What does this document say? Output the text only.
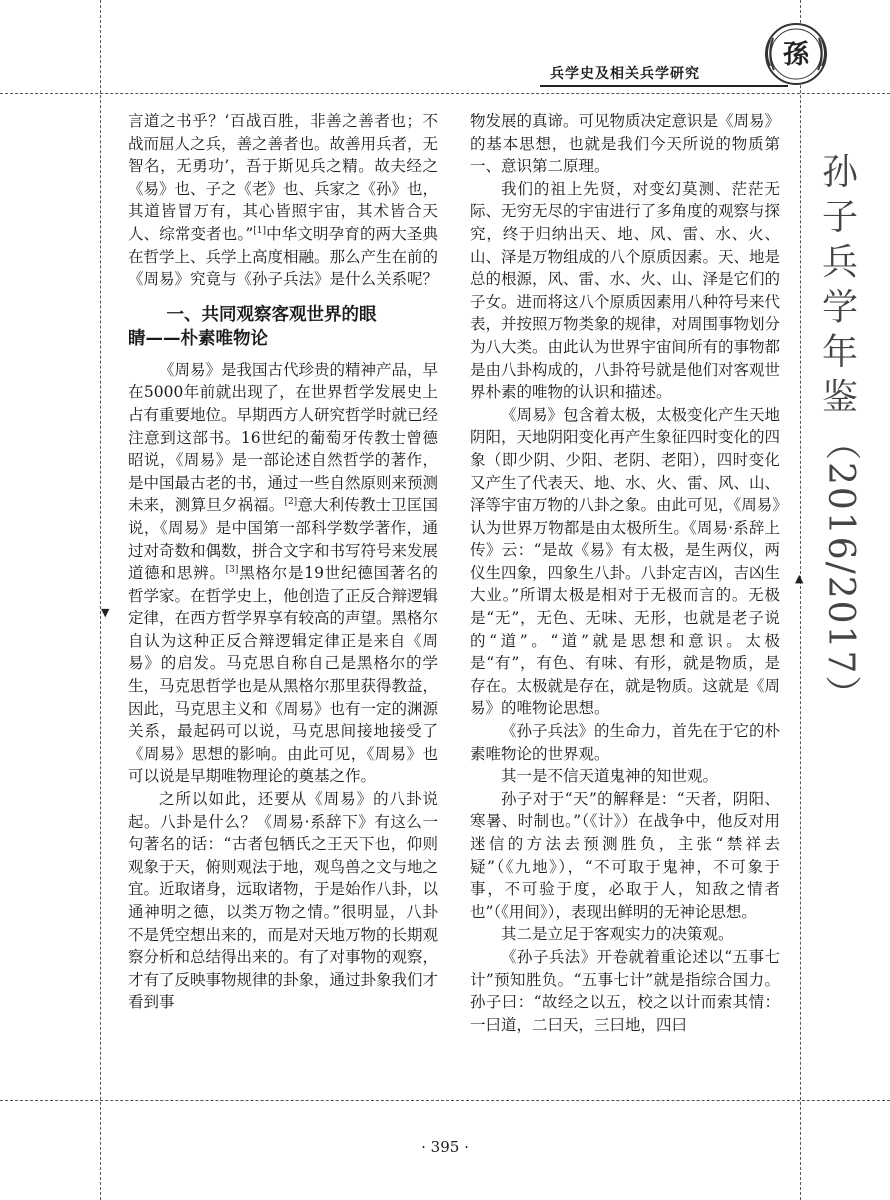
兵学史及相关兵学研究
孫

言道之书乎？‘百战百胜，非善之善者也；不战而屈人之兵，善之善者也。故善用兵者，无智名，无勇功’，吾于斯见兵之精。故夫经之《易》也、子之《老》也、兵家之《孙》也，其道皆冒万有，其心皆照宇宙，其术皆合天人、综常变者也。”[1]中华文明孕育的两大圣典在哲学上、兵学上高度相融。那么产生在前的《周易》究竟与《孙子兵法》是什么关系呢？

一、共同观察客观世界的眼
睛——朴素唯物论

《周易》是我国古代珍贵的精神产品，早在5000年前就出现了，在世界哲学发展史上占有重要地位。早期西方人研究哲学时就已经注意到这部书。16世纪的葡萄牙传教士曾德昭说，《周易》是一部论述自然哲学的著作，是中国最古老的书，通过一些自然原则来预测未来，测算旦夕祸福。[2]意大利传教士卫匡国说，《周易》是中国第一部科学数学著作，通过对奇数和偶数，拼合文字和书写符号来发展道德和思辨。[3]黑格尔是19世纪德国著名的哲学家。在哲学史上，他创造了正反合辩逻辑定律，在西方哲学界享有较高的声望。黑格尔自认为这种正反合辩逻辑定律正是来自《周易》的启发。马克思自称自己是黑格尔的学生，马克思哲学也是从黑格尔那里获得教益，因此，马克思主义和《周易》也有一定的渊源关系，最起码可以说，马克思间接地接受了《周易》思想的影响。由此可见，《周易》也可以说是早期唯物理论的奠基之作。

之所以如此，还要从《周易》的八卦说起。八卦是什么？《周易·系辞下》有这么一句著名的话：“古者包牺氏之王天下也，仰则观象于天，俯则观法于地，观鸟兽之文与地之宜。近取诸身，远取诸物，于是始作八卦，以通神明之德，以类万物之情。”很明显，八卦不是凭空想出来的，而是对天地万物的长期观察分析和总结得出来的。有了对事物的观察，才有了反映事物规律的卦象，通过卦象我们才看到事

物发展的真谛。可见物质决定意识是《周易》的基本思想，也就是我们今天所说的物质第一、意识第二原理。

我们的祖上先贤，对变幻莫测、茫茫无际、无穷无尽的宇宙进行了多角度的观察与探究，终于归纳出天、地、风、雷、水、火、山、泽是万物组成的八个原质因素。天、地是总的根源，风、雷、水、火、山、泽是它们的子女。进而将这八个原质因素用八种符号来代表，并按照万物类象的规律，对周围事物划分为八大类。由此认为世界宇宙间所有的事物都是由八卦构成的，八卦符号就是他们对客观世界朴素的唯物的认识和描述。

《周易》包含着太极，太极变化产生天地阴阳，天地阴阳变化再产生象征四时变化的四象（即少阴、少阳、老阴、老阳），四时变化又产生了代表天、地、水、火、雷、风、山、泽等宇宙万物的八卦之象。由此可见，《周易》认为世界万物都是由太极所生。《周易·系辞上传》云：“是故《易》有太极，是生两仪，两仪生四象，四象生八卦。八卦定吉凶，吉凶生大业。”所谓太极是相对于无极而言的。无极是“无”，无色、无味、无形，也就是老子说的“道”。“道”就是思想和意识。太极是“有”，有色、有味、有形，就是物质，是存在。太极就是存在，就是物质。这就是《周易》的唯物论思想。

《孙子兵法》的生命力，首先在于它的朴素唯物论的世界观。

其一是不信天道鬼神的知世观。

孙子对于“天”的解释是：“天者，阴阳、寒暑、时制也。”（《计》）在战争中，他反对用迷信的方法去预测胜负，主张“禁祥去疑”（《九地》），“不可取于鬼神，不可象于事，不可验于度，必取于人，知敌之情者也”（《用间》），表现出鲜明的无神论思想。

其二是立足于客观实力的决策观。

《孙子兵法》开卷就着重论述以“五事七计”预知胜负。“五事七计”就是指综合国力。孙子曰：“故经之以五，校之以计而索其情：一曰道，二曰天，三曰地，四曰

孙
子
兵
学
年
鉴
（2016/2017）
▼
▲
· 395 ·
